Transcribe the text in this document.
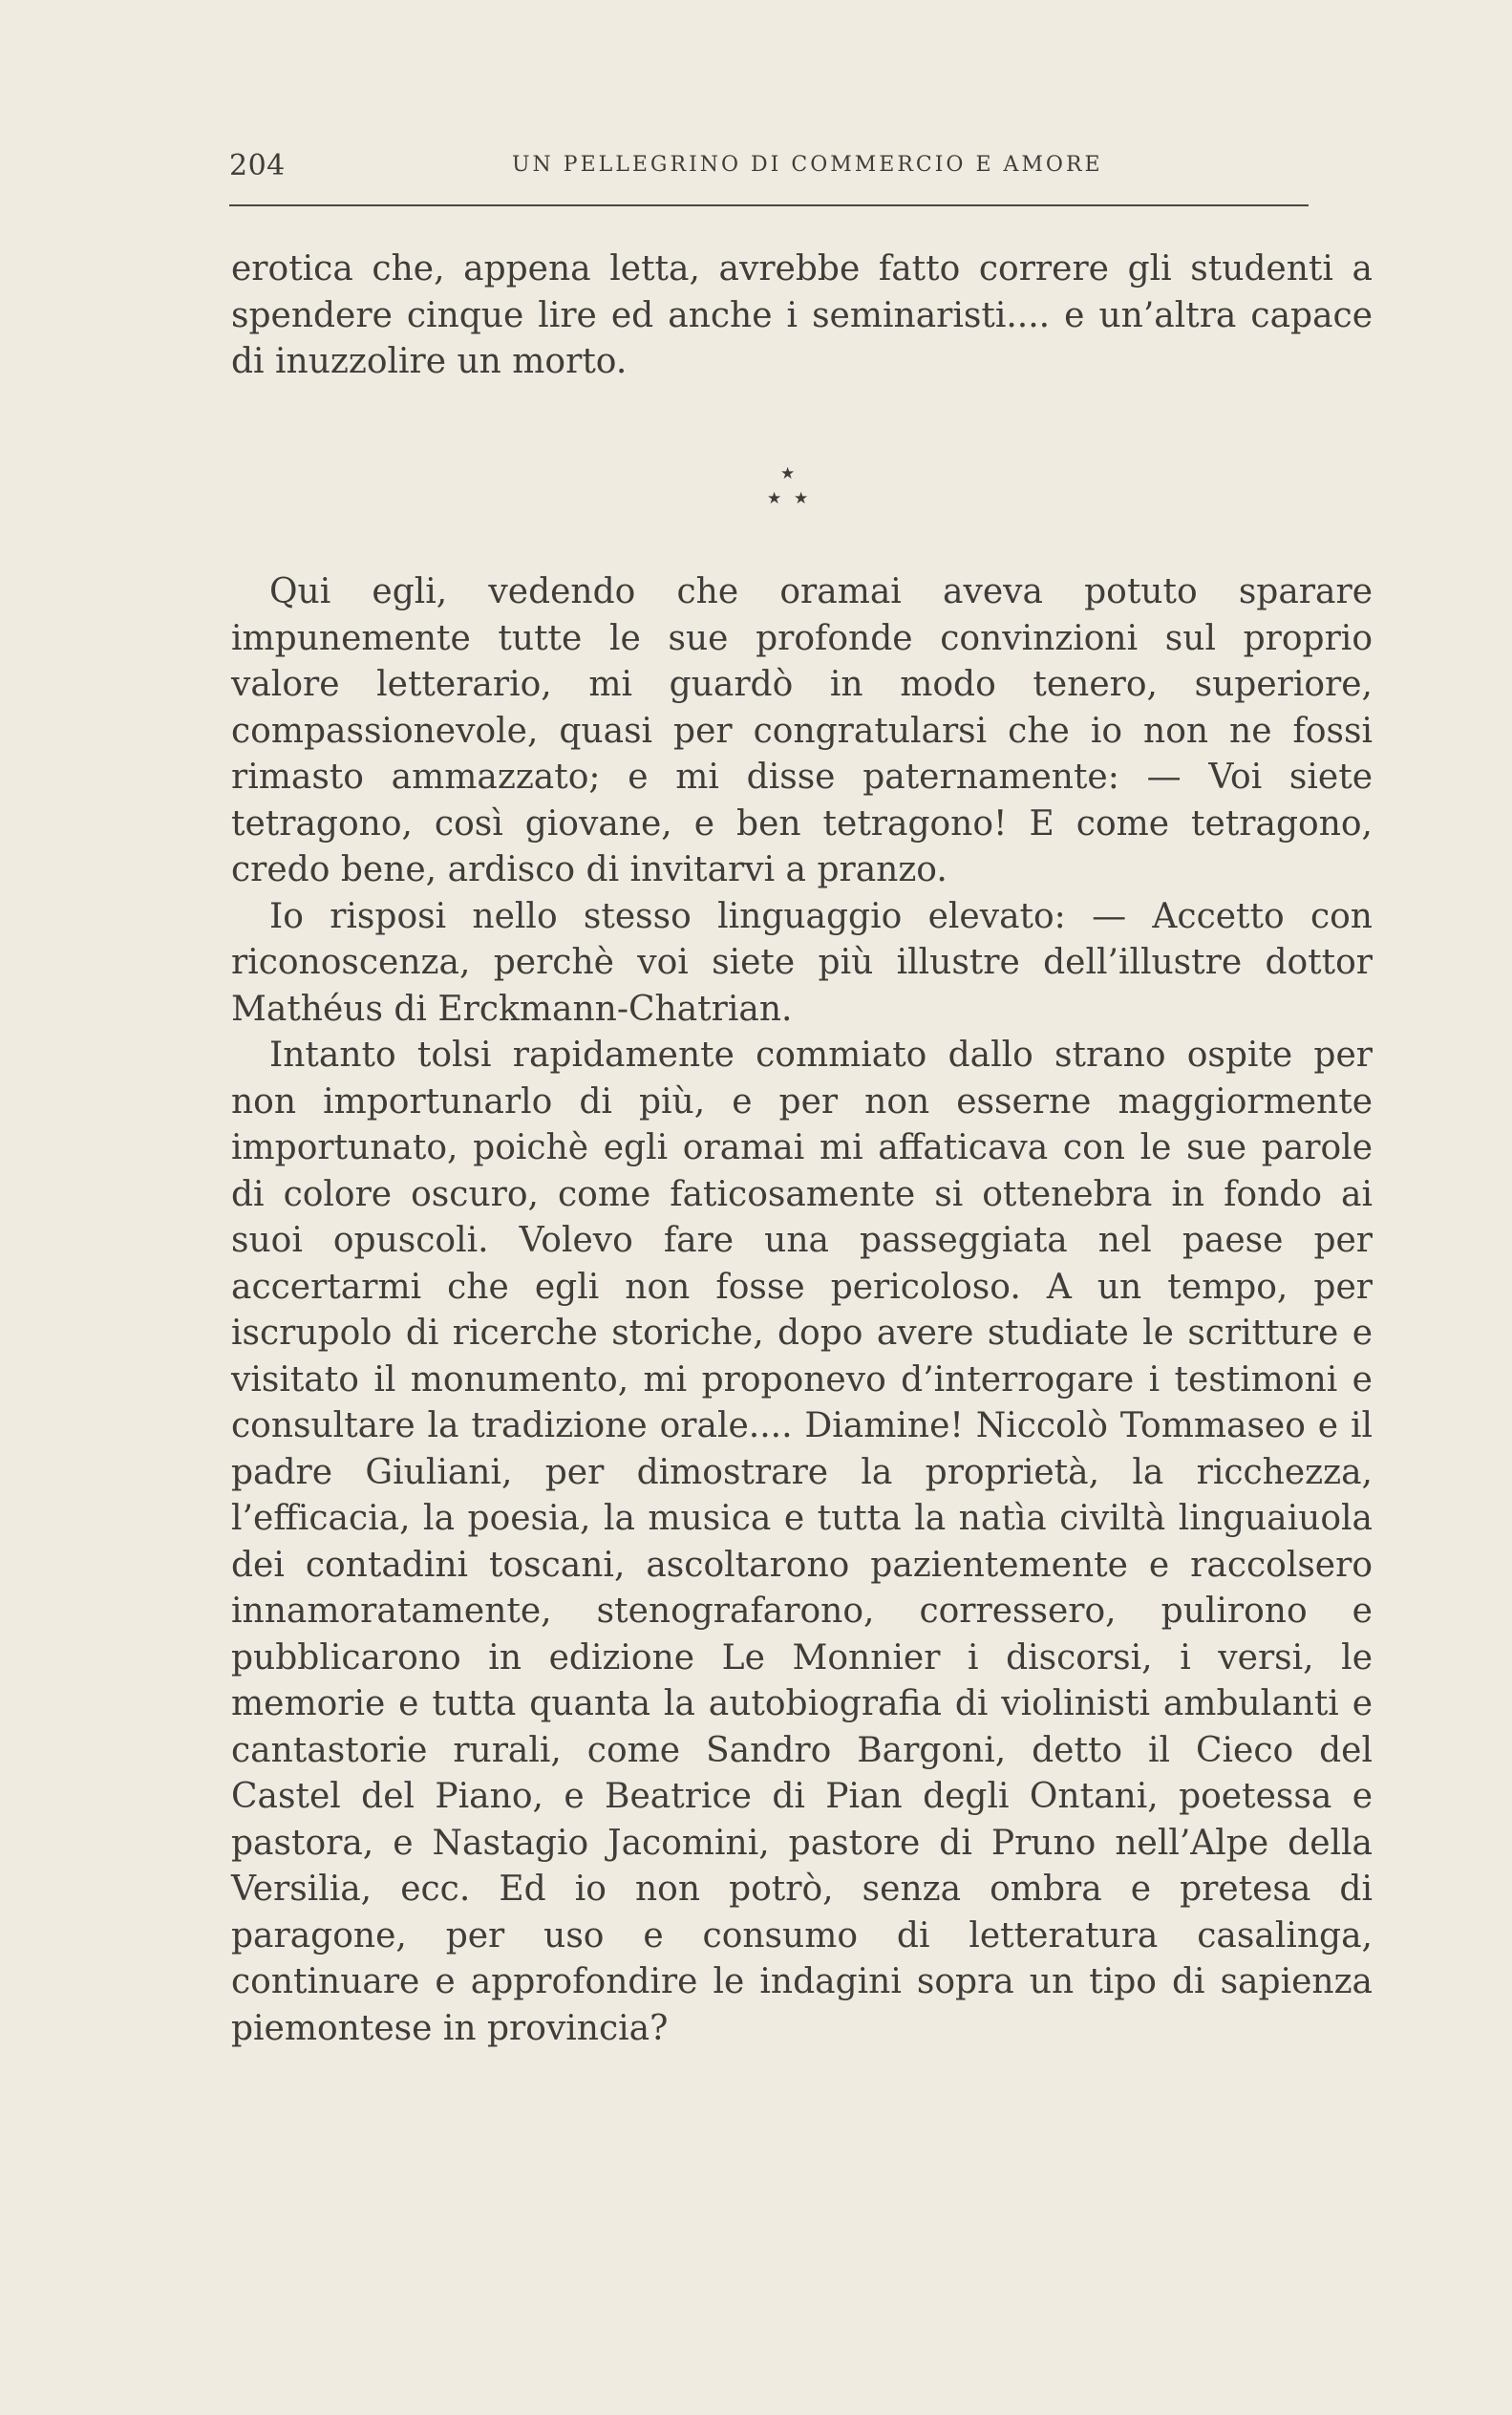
204	UN PELLEGRINO DI COMMERCIO E AMORE

erotica che, appena letta, avrebbe fatto correre gli studenti a spendere cinque lire ed anche i seminaristi.... e un’altra capace di inuzzolire un morto.

★
★ ★

Qui egli, vedendo che oramai aveva potuto sparare impunemente tutte le sue profonde convinzioni sul proprio valore letterario, mi guardò in modo tenero, superiore, compassionevole, quasi per congratularsi che io non ne fossi rimasto ammazzato; e mi disse paternamente: — Voi siete tetragono, così giovane, e ben tetragono! E come tetragono, credo bene, ardisco di invitarvi a pranzo.

Io risposi nello stesso linguaggio elevato: — Accetto con riconoscenza, perchè voi siete più illustre dell’illustre dottor Mathéus di Erckmann-Chatrian.

Intanto tolsi rapidamente commiato dallo strano ospite per non importunarlo di più, e per non esserne maggiormente importunato, poichè egli oramai mi affaticava con le sue parole di colore oscuro, come faticosamente si ottenebra in fondo ai suoi opuscoli. Volevo fare una passeggiata nel paese per accertarmi che egli non fosse pericoloso. A un tempo, per iscrupolo di ricerche storiche, dopo avere studiate le scritture e visitato il monumento, mi proponevo d’interrogare i testimoni e consultare la tradizione orale.... Diamine! Niccolò Tommaseo e il padre Giuliani, per dimostrare la proprietà, la ricchezza, l’efficacia, la poesia, la musica e tutta la natìa civiltà linguaiuola dei contadini toscani, ascoltarono pazientemente e raccolsero innamoratamente, stenografarono, corressero, pulirono e pubblicarono in edizione Le Monnier i discorsi, i versi, le memorie e tutta quanta la autobiografia di violinisti ambulanti e cantastorie rurali, come Sandro Bargoni, detto il Cieco del Castel del Piano, e Beatrice di Pian degli Ontani, poetessa e pastora, e Nastagio Jacomini, pastore di Pruno nell’Alpe della Versilia, ecc. Ed io non potrò, senza ombra e pretesa di paragone, per uso e consumo di letteratura casalinga, continuare e approfondire le indagini sopra un tipo di sapienza piemontese in provincia?
